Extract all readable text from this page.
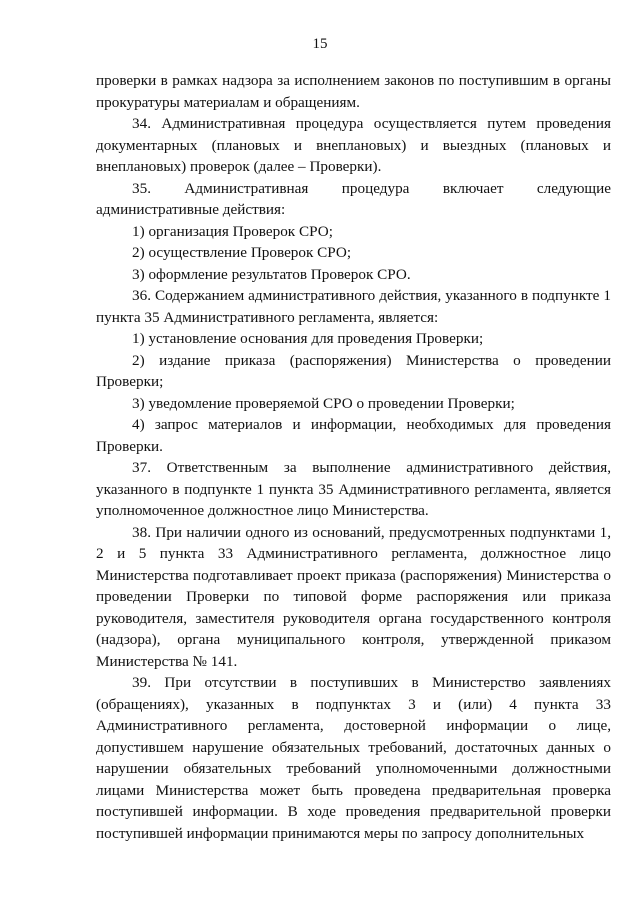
15

проверки в рамках надзора за исполнением законов по поступившим в органы прокуратуры материалам и обращениям.

34. Административная процедура осуществляется путем проведения документарных (плановых и внеплановых) и выездных (плановых и внеплановых) проверок (далее – Проверки).

35. Административная процедура включает следующие административные действия:

1) организация Проверок СРО;

2) осуществление Проверок СРО;

3) оформление результатов Проверок СРО.

36. Содержанием административного действия, указанного в подпункте 1 пункта 35 Административного регламента, является:

1) установление основания для проведения Проверки;

2) издание приказа (распоряжения) Министерства о проведении Проверки;

3) уведомление проверяемой СРО о проведении Проверки;

4) запрос материалов и информации, необходимых для проведения Проверки.

37. Ответственным за выполнение административного действия, указанного в подпункте 1 пункта 35 Административного регламента, является уполномоченное должностное лицо Министерства.

38. При наличии одного из оснований, предусмотренных подпунктами 1, 2 и 5 пункта 33 Административного регламента, должностное лицо Министерства подготавливает проект приказа (распоряжения) Министерства о проведении Проверки по типовой форме распоряжения или приказа руководителя, заместителя руководителя органа государственного контроля (надзора), органа муниципального контроля, утвержденной приказом Министерства № 141.

39. При отсутствии в поступивших в Министерство заявлениях (обращениях), указанных в подпунктах 3 и (или) 4 пункта 33 Административного регламента, достоверной информации о лице, допустившем нарушение обязательных требований, достаточных данных о нарушении обязательных требований уполномоченными должностными лицами Министерства может быть проведена предварительная проверка поступившей информации. В ходе проведения предварительной проверки поступившей информации принимаются меры по запросу дополнительных
